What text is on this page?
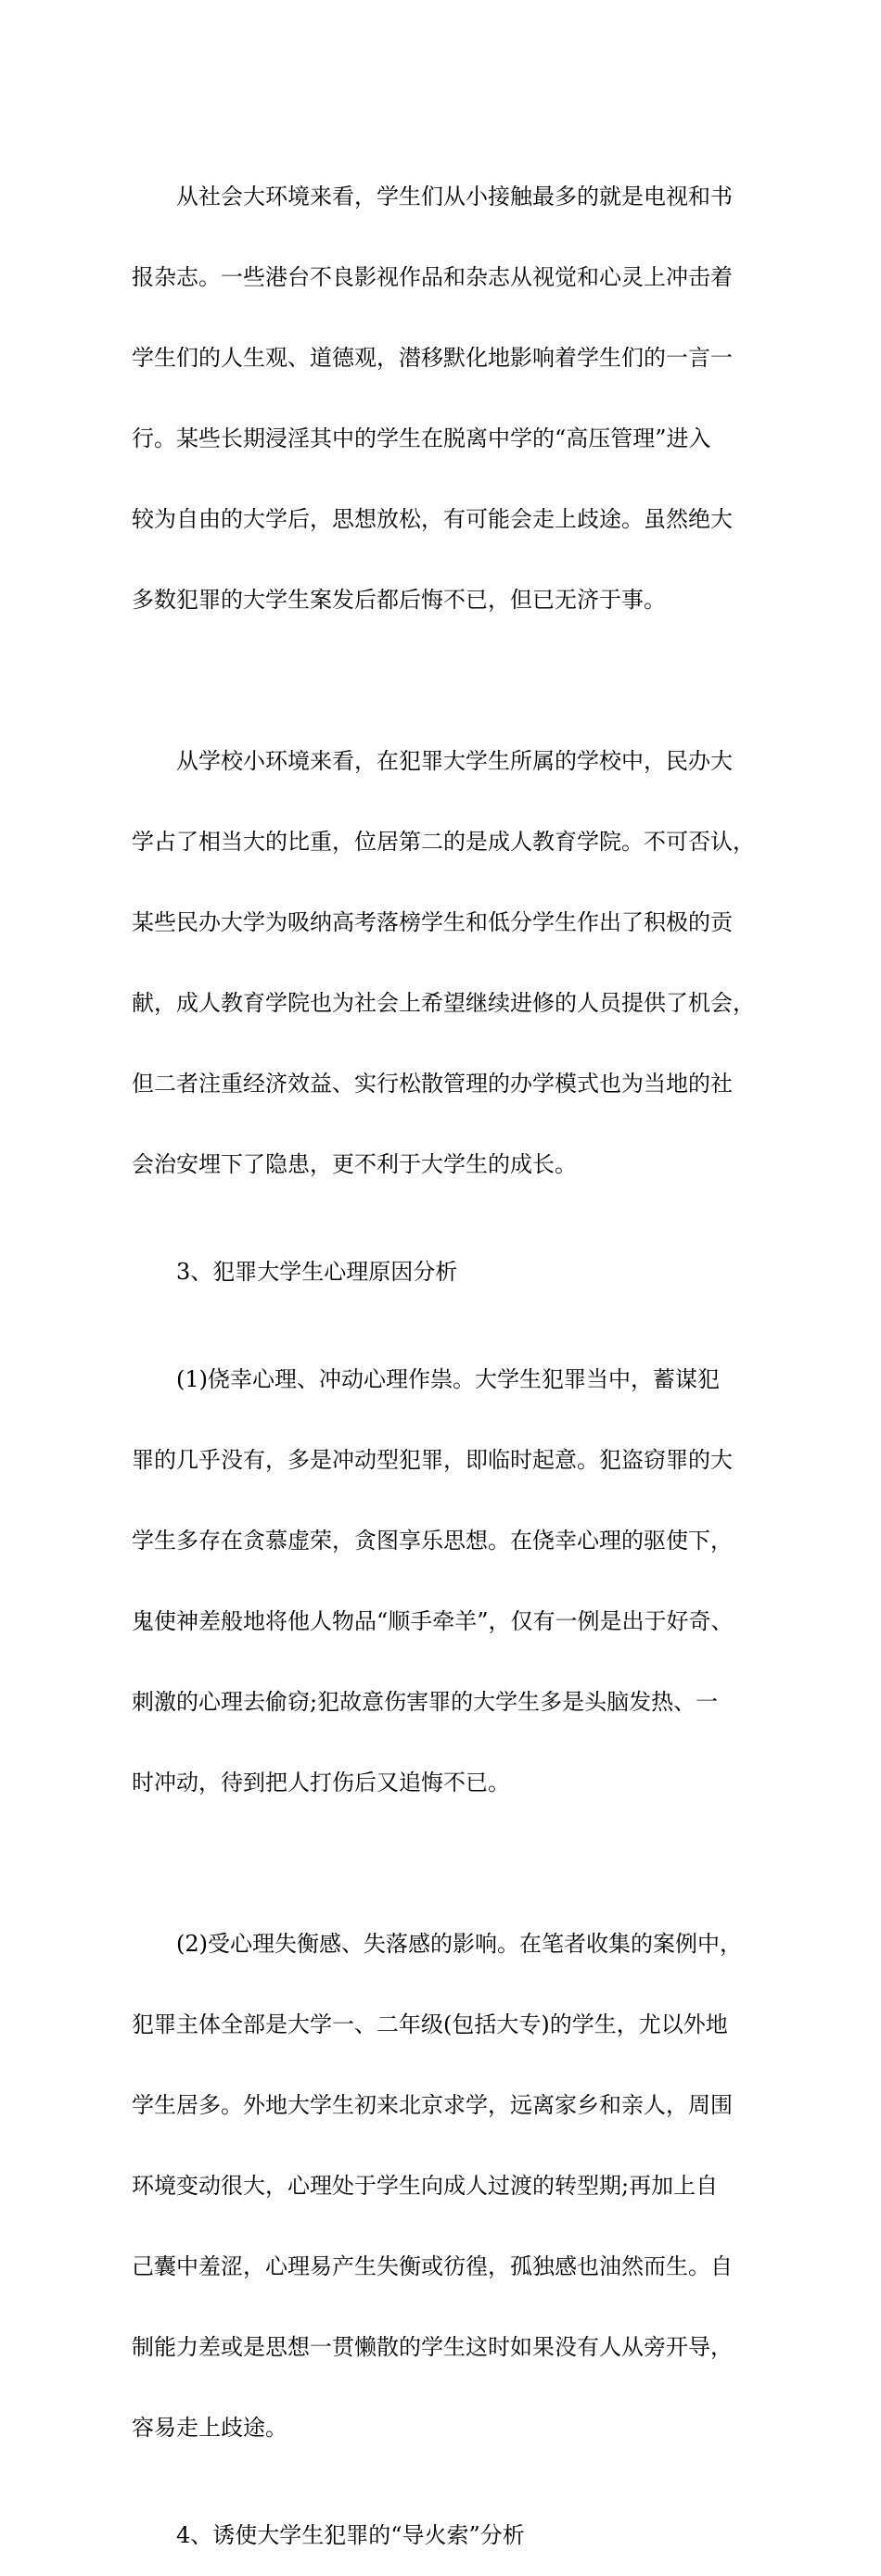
从社会大环境来看，学生们从小接触最多的就是电视和书

报杂志。一些港台不良影视作品和杂志从视觉和心灵上冲击着

学生们的人生观、道德观，潜移默化地影响着学生们的一言一

行。某些长期浸淫其中的学生在脱离中学的“高压管理”进入

较为自由的大学后，思想放松，有可能会走上歧途。虽然绝大

多数犯罪的大学生案发后都后悔不已，但已无济于事。

从学校小环境来看，在犯罪大学生所属的学校中，民办大

学占了相当大的比重，位居第二的是成人教育学院。不可否认，

某些民办大学为吸纳高考落榜学生和低分学生作出了积极的贡

献，成人教育学院也为社会上希望继续进修的人员提供了机会，

但二者注重经济效益、实行松散管理的办学模式也为当地的社

会治安埋下了隐患，更不利于大学生的成长。

3、犯罪大学生心理原因分析

(1)侥幸心理、冲动心理作祟。大学生犯罪当中，蓄谋犯

罪的几乎没有，多是冲动型犯罪，即临时起意。犯盗窃罪的大

学生多存在贪慕虚荣，贪图享乐思想。在侥幸心理的驱使下，

鬼使神差般地将他人物品“顺手牵羊”，仅有一例是出于好奇、

刺激的心理去偷窃;犯故意伤害罪的大学生多是头脑发热、一

时冲动，待到把人打伤后又追悔不已。

(2)受心理失衡感、失落感的影响。在笔者收集的案例中，

犯罪主体全部是大学一、二年级(包括大专)的学生，尤以外地

学生居多。外地大学生初来北京求学，远离家乡和亲人，周围

环境变动很大，心理处于学生向成人过渡的转型期;再加上自

己囊中羞涩，心理易产生失衡或彷徨，孤独感也油然而生。自

制能力差或是思想一贯懒散的学生这时如果没有人从旁开导，

容易走上歧途。

4、诱使大学生犯罪的“导火索”分析
